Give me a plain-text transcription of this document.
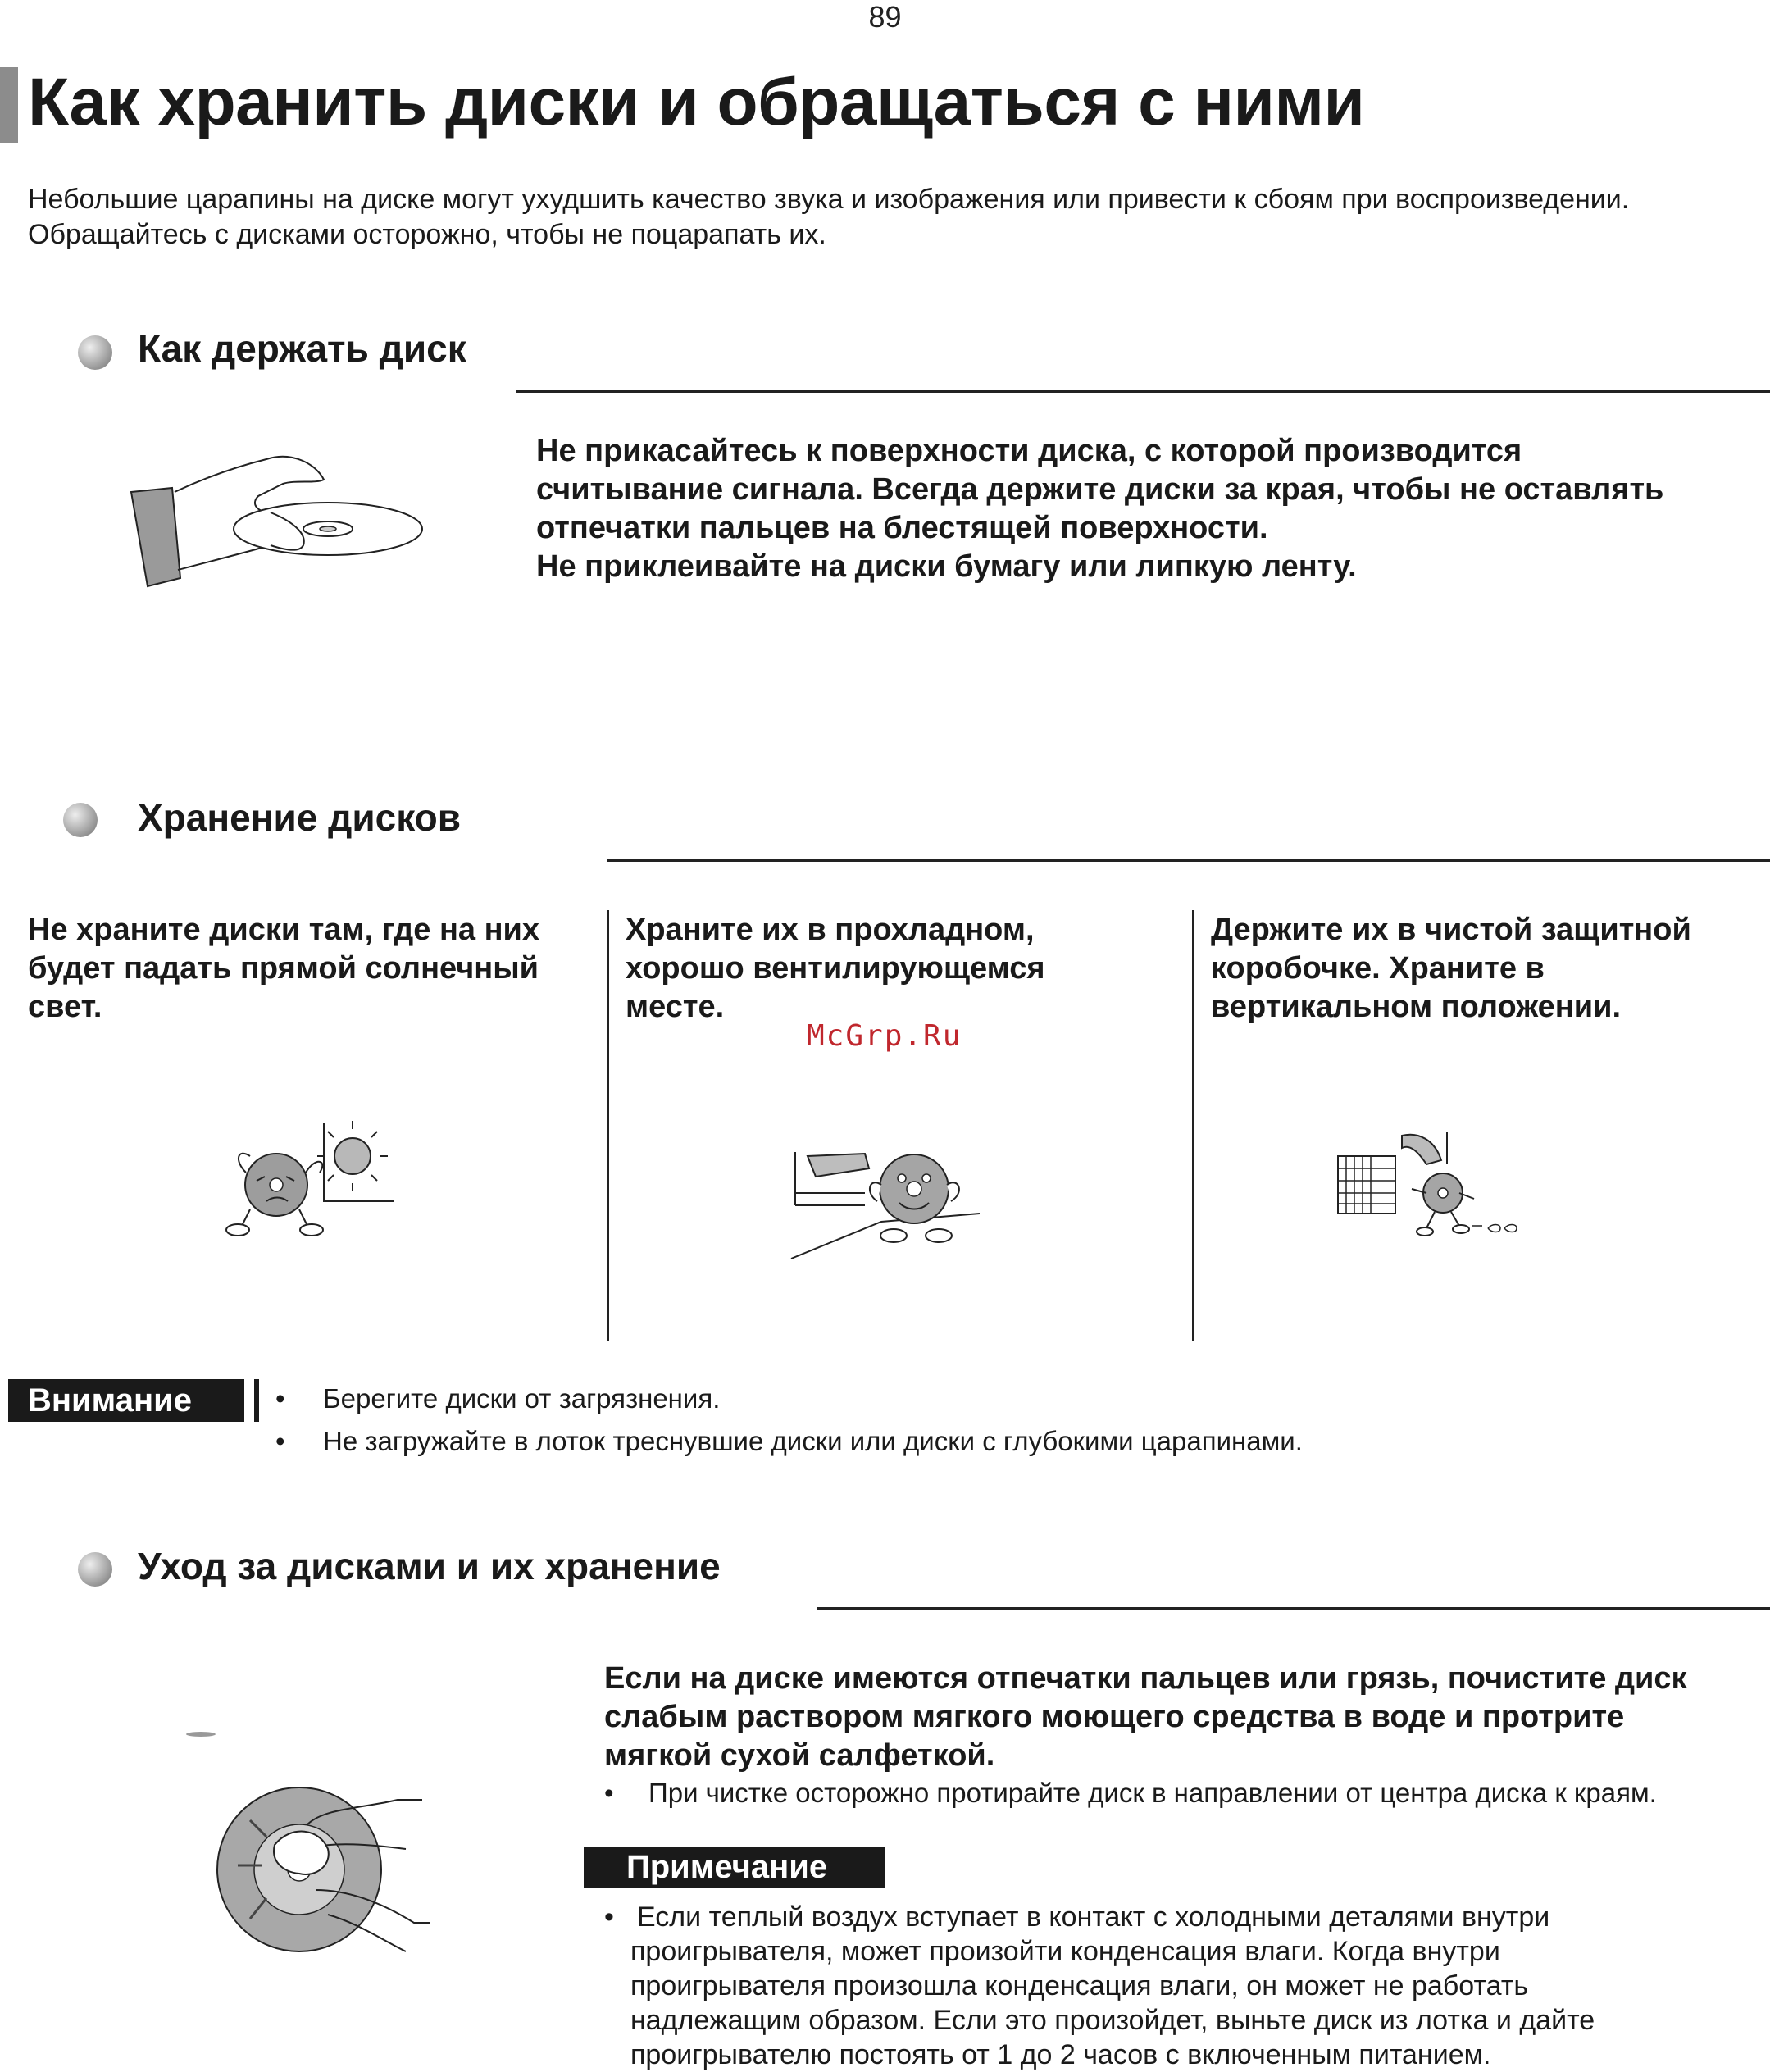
89
Как хранить диски и обращаться с ними
Небольшие царапины на диске могут ухудшить качество звука и изображения или привести к сбоям при воспроизведении.
Обращайтесь с дисками осторожно, чтобы не поцарапать их.
Как держать диск
Не прикасайтесь к поверхности диска, с которой производится
считывание сигнала. Всегда держите диски за края, чтобы не оставлять
отпечатки пальцев на блестящей поверхности.
Не приклеивайте на диски бумагу или липкую ленту.
Хранение дисков
Не храните диски там, где на них
будет падать прямой солнечный
свет.
Храните их в прохладном,
хорошо вентилирующемся
месте.
Держите их в чистой защитной
коробочке. Храните в
вертикальном положении.
McGrp.Ru
Внимание	• Берегите диски от загрязнения.
• Не загружайте в лоток треснувшие диски или диски с глубокими царапинами.
Уход за дисками и их хранение
Если на диске имеются отпечатки пальцев или грязь, почистите диск
слабым раствором мягкого моющего средства в воде и протрите
мягкой сухой салфеткой.
• При чистке осторожно протирайте диск в направлении от центра диска к краям.
Примечание
• Если теплый воздух вступает в контакт с холодными деталями внутри
проигрывателя, может произойти конденсация влаги. Когда внутри
проигрывателя произошла конденсация влаги, он может не работать
надлежащим образом. Если это произойдет, выньте диск из лотка и дайте
проигрывателю постоять от 1 до 2 часов с включенным питанием.
